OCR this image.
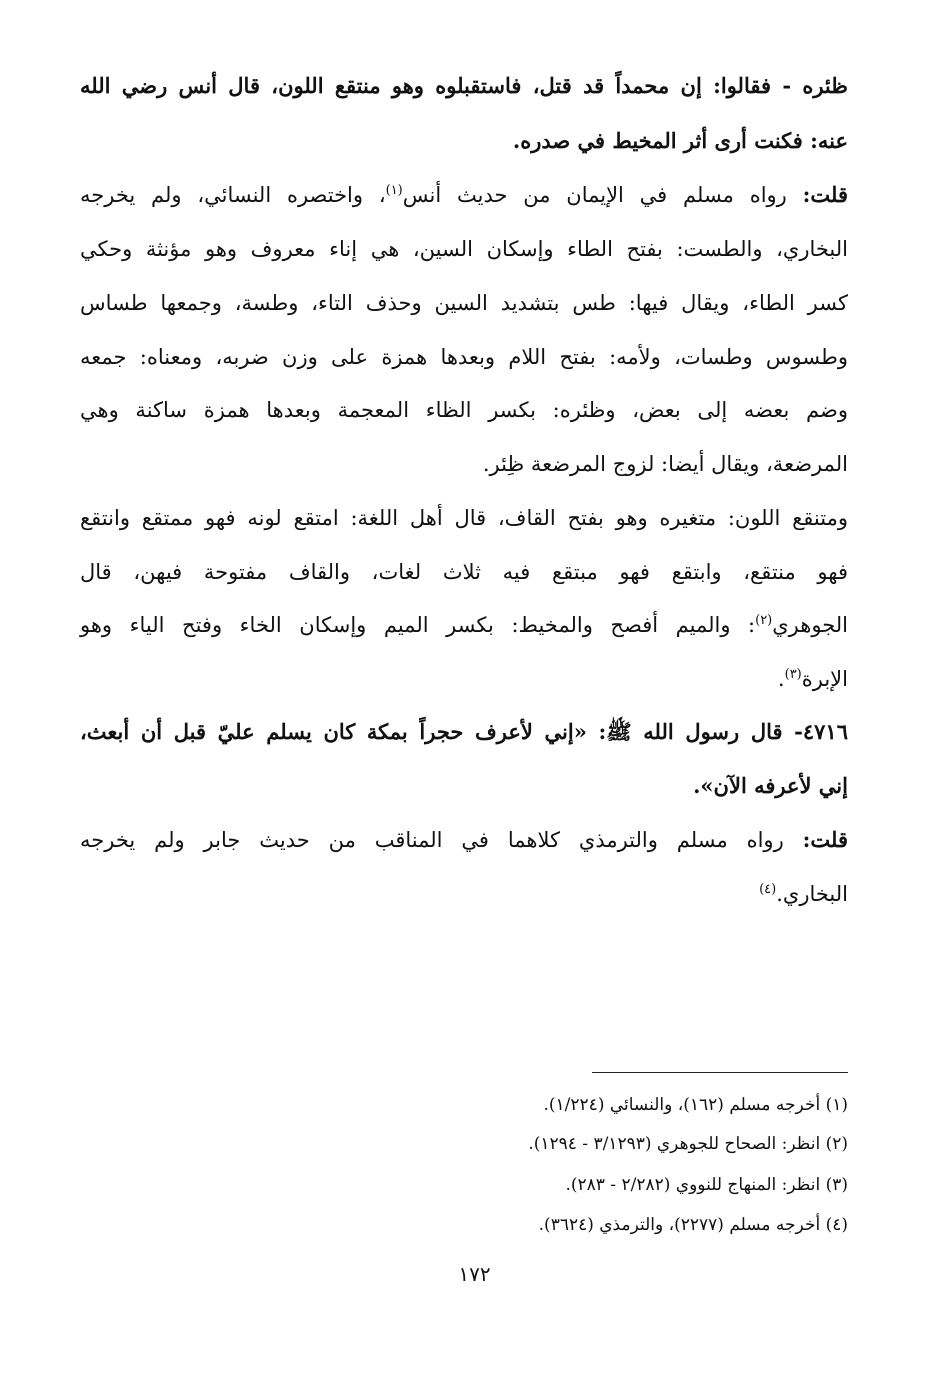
ظئره - فقالوا: إن محمداً قد قتل، فاستقبلوه وهو منتقع اللون، قال أنس رضي الله
عنه: فكنت أرى أثر المخيط في صدره.
قلت: رواه مسلم في الإيمان من حديث أنس$^{(١)}$، واختصره النسائي، ولم يخرجه
البخاري، والطست: بفتح الطاء وإسكان السين، هي إناء معروف وهو مؤنثة وحكي
كسر الطاء، ويقال فيها: طس بتشديد السين وحذف التاء، وطسة، وجمعها طساس
وطسوس وطسات، ولأمه: بفتح اللام وبعدها همزة على وزن ضربه، ومعناه: جمعه
وضم بعضه إلى بعض، وظئره: بكسر الظاء المعجمة وبعدها همزة ساكنة وهي
المرضعة، ويقال أيضا: لزوج المرضعة ظِئر.
ومتنقع اللون: متغيره وهو بفتح القاف، قال أهل اللغة: امتقع لونه فهو ممتقع وانتقع
فهو منتقع، وابتقع فهو مبتقع فيه ثلاث لغات، والقاف مفتوحة فيهن، قال
الجوهري$^{(٢)}$: والميم أفصح والمخيط: بكسر الميم وإسكان الخاء وفتح الياء وهو
الإبرة$^{(٣)}$.
٤٧١٦- قال رسول الله ﷺ: «إني لأعرف حجراً بمكة كان يسلم عليّ قبل أن أبعث،
إني لأعرفه الآن».
قلت: رواه مسلم والترمذي كلاهما في المناقب من حديث جابر ولم يخرجه
البخاري.$^{(٤)}$
(١) أخرجه مسلم (١٦٢)، والنسائي (١/٢٢٤).
(٢) انظر: الصحاح للجوهري (٣/١٢٩٣ - ١٢٩٤).
(٣) انظر: المنهاج للنووي (٢/٢٨٢ - ٢٨٣).
(٤) أخرجه مسلم (٢٢٧٧)، والترمذي (٣٦٢٤).
١٧٢
